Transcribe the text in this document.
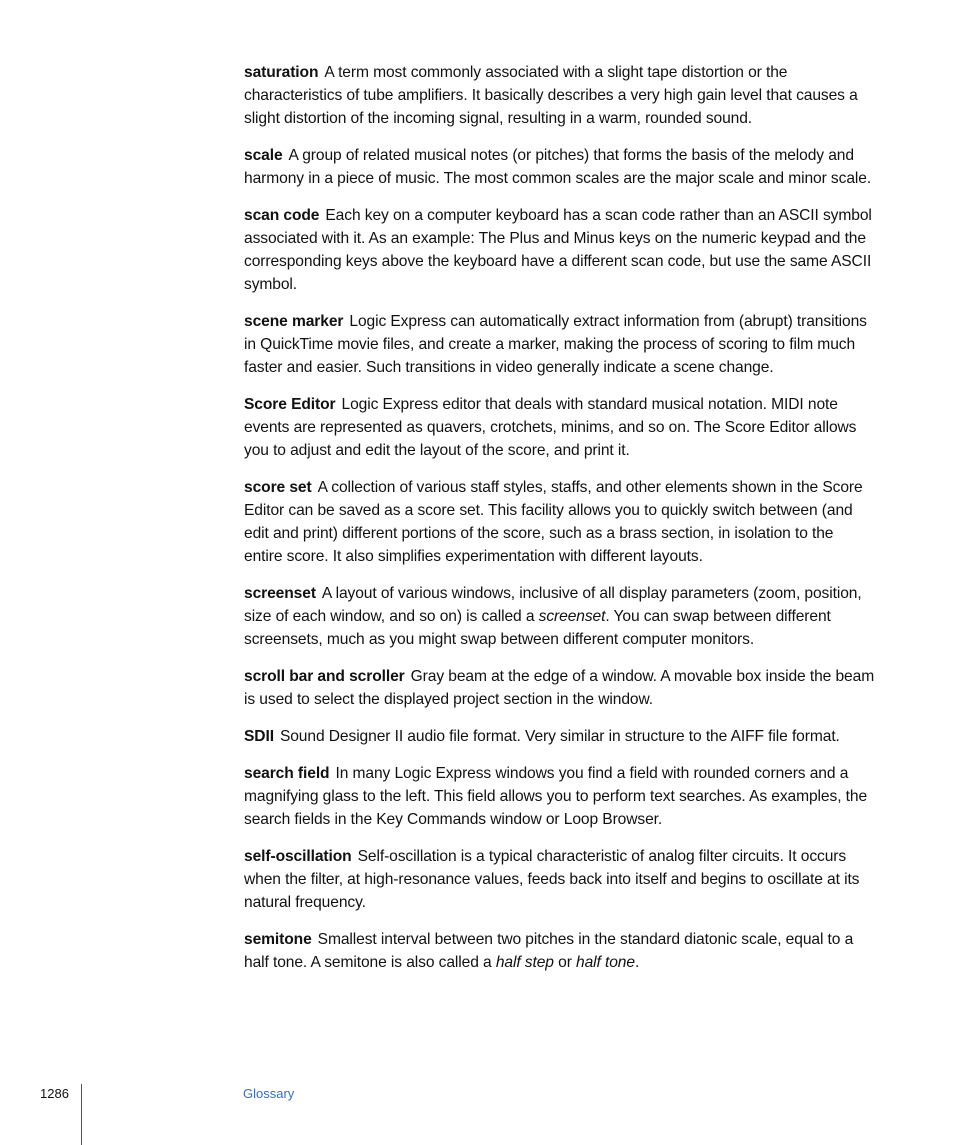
saturation A term most commonly associated with a slight tape distortion or the characteristics of tube amplifiers. It basically describes a very high gain level that causes a slight distortion of the incoming signal, resulting in a warm, rounded sound.

scale A group of related musical notes (or pitches) that forms the basis of the melody and harmony in a piece of music. The most common scales are the major scale and minor scale.

scan code Each key on a computer keyboard has a scan code rather than an ASCII symbol associated with it. As an example: The Plus and Minus keys on the numeric keypad and the corresponding keys above the keyboard have a different scan code, but use the same ASCII symbol.

scene marker Logic Express can automatically extract information from (abrupt) transitions in QuickTime movie files, and create a marker, making the process of scoring to film much faster and easier. Such transitions in video generally indicate a scene change.

Score Editor Logic Express editor that deals with standard musical notation. MIDI note events are represented as quavers, crotchets, minims, and so on. The Score Editor allows you to adjust and edit the layout of the score, and print it.

score set A collection of various staff styles, staffs, and other elements shown in the Score Editor can be saved as a score set. This facility allows you to quickly switch between (and edit and print) different portions of the score, such as a brass section, in isolation to the entire score. It also simplifies experimentation with different layouts.

screenset A layout of various windows, inclusive of all display parameters (zoom, position, size of each window, and so on) is called a screenset. You can swap between different screensets, much as you might swap between different computer monitors.

scroll bar and scroller Gray beam at the edge of a window. A movable box inside the beam is used to select the displayed project section in the window.

SDII Sound Designer II audio file format. Very similar in structure to the AIFF file format.

search field In many Logic Express windows you find a field with rounded corners and a magnifying glass to the left. This field allows you to perform text searches. As examples, the search fields in the Key Commands window or Loop Browser.

self-oscillation Self-oscillation is a typical characteristic of analog filter circuits. It occurs when the filter, at high-resonance values, feeds back into itself and begins to oscillate at its natural frequency.

semitone Smallest interval between two pitches in the standard diatonic scale, equal to a half tone. A semitone is also called a half step or half tone.

1286	Glossary
